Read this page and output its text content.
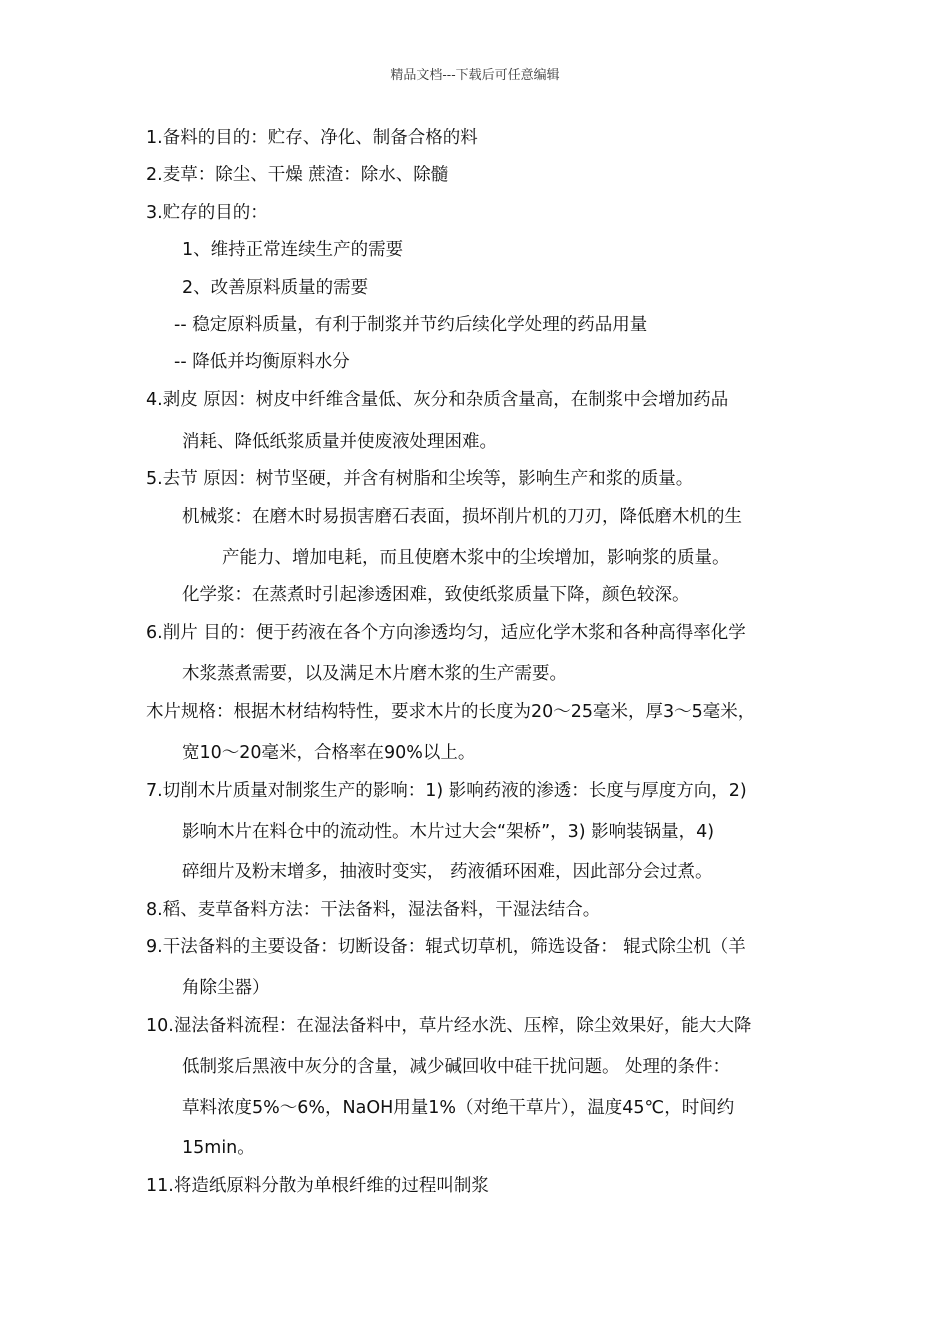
精品文档---下载后可任意编辑
1.备料的目的：贮存、净化、制备合格的料
2.麦草：除尘、干燥 蔗渣：除水、除髓
3.贮存的目的：
1、维持正常连续生产的需要
2、改善原料质量的需要
-- 稳定原料质量，有利于制浆并节约后续化学处理的药品用量
-- 降低并均衡原料水分
4.剥皮 原因：树皮中纤维含量低、灰分和杂质含量高，在制浆中会增加药品
消耗、降低纸浆质量并使废液处理困难。
5.去节 原因：树节坚硬，并含有树脂和尘埃等，影响生产和浆的质量。
机械浆：在磨木时易损害磨石表面，损坏削片机的刀刃，降低磨木机的生
产能力、增加电耗，而且使磨木浆中的尘埃增加，影响浆的质量。
化学浆：在蒸煮时引起渗透困难，致使纸浆质量下降，颜色较深。
6.削片 目的：便于药液在各个方向渗透均匀，适应化学木浆和各种高得率化学
木浆蒸煮需要，以及满足木片磨木浆的生产需要。
木片规格：根据木材结构特性，要求木片的长度为20～25毫米，厚3～5毫米，
宽10～20毫米，合格率在90%以上。
7.切削木片质量对制浆生产的影响：1) 影响药液的渗透：长度与厚度方向，2)
影响木片在料仓中的流动性。木片过大会“架桥”，3) 影响装锅量，4)
碎细片及粉末增多，抽液时变实， 药液循环困难，因此部分会过煮。
8.稻、麦草备料方法：干法备料，湿法备料，干湿法结合。
9.干法备料的主要设备：切断设备：辊式切草机，筛选设备： 辊式除尘机（羊
角除尘器）
10.湿法备料流程：在湿法备料中，草片经水洗、压榨，除尘效果好，能大大降
低制浆后黑液中灰分的含量，减少碱回收中硅干扰问题。 处理的条件：
草料浓度5%～6%，NaOH用量1%（对绝干草片），温度45℃，时间约
15min。
11.将造纸原料分散为单根纤维的过程叫制浆
